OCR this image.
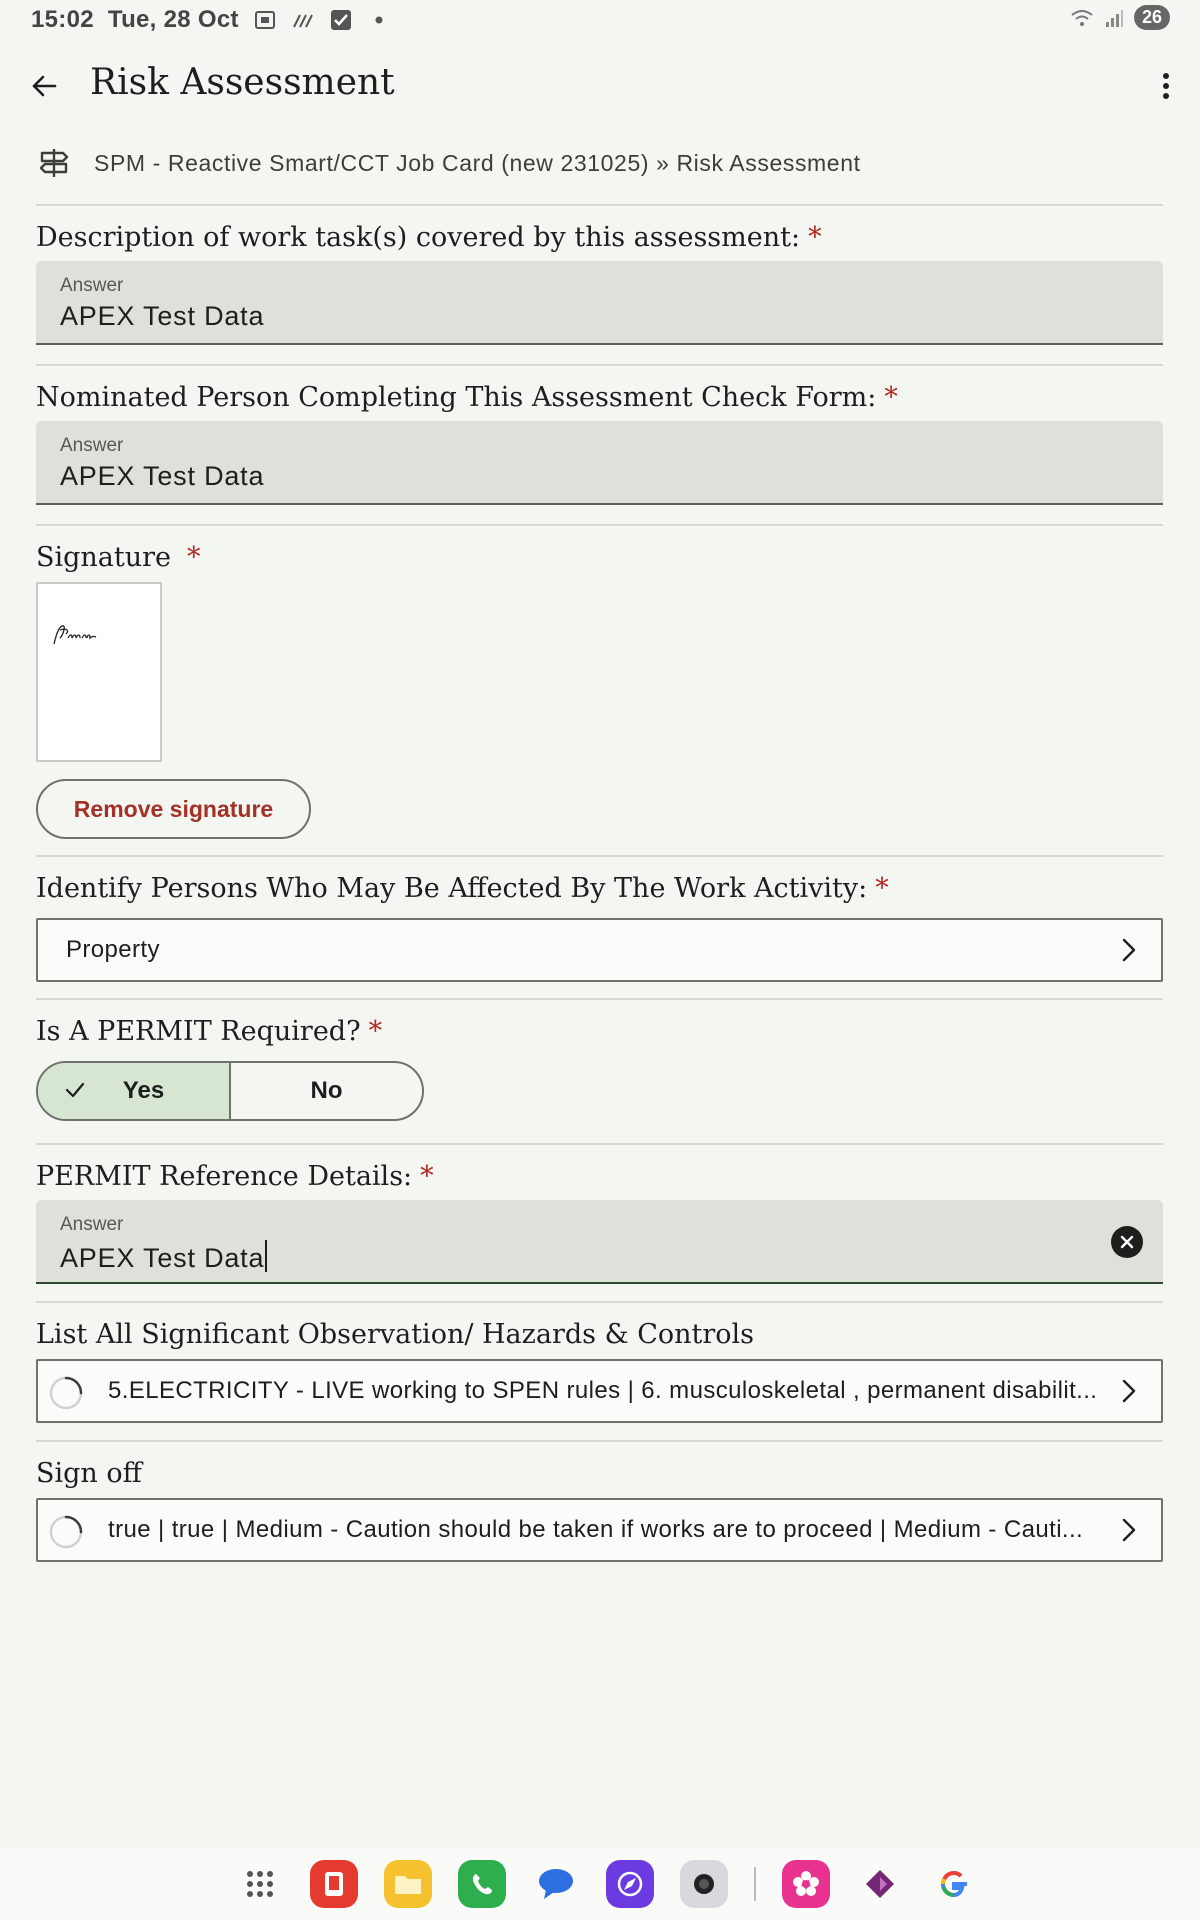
15:02 Tue, 28 Oct	26
Risk Assessment
SPM - Reactive Smart/CCT Job Card (new 231025) » Risk Assessment
Description of work task(s) covered by this assessment: *
Answer
APEX Test Data
Nominated Person Completing This Assessment Check Form: *
Answer
APEX Test Data
Signature *
Remove signature
Identify Persons Who May Be Affected By The Work Activity: *
Property
Is A PERMIT Required? *
Yes	No
PERMIT Reference Details: *
Answer
APEX Test Data
List All Significant Observation/ Hazards & Controls
5.ELECTRICITY - LIVE working to SPEN rules | 6. musculoskeletal , permanent disabilit...
Sign off
true | true | Medium - Caution should be taken if works are to proceed | Medium - Cauti...
